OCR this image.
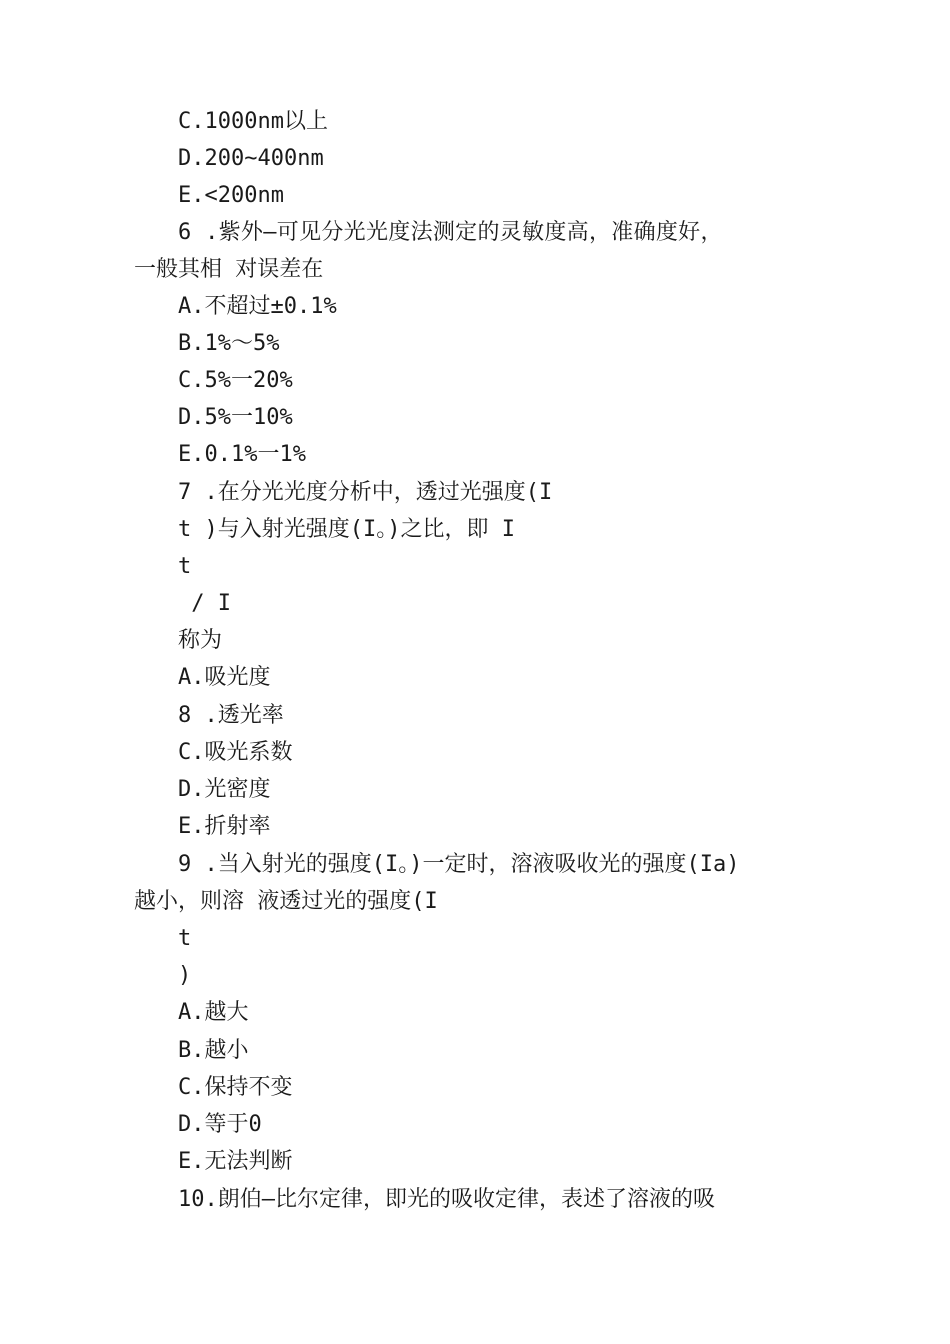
C.1000nm以上

D.200~400nm

E.<200nm

6 .紫外—可见分光光度法测定的灵敏度高，准确度好，

一般其相 对误差在

A.不超过±0.1%

B.1%～5%

C.5%一20%

D.5%一10%

E.0.1%一1%

7 .在分光光度分析中，透过光强度(I

t )与入射光强度(I。)之比，即 I

t

/ I

称为

A.吸光度

8 .透光率

C.吸光系数

D.光密度

E.折射率

9 .当入射光的强度(I。)一定时，溶液吸收光的强度(Ia)

越小，则溶 液透过光的强度(I

t

)

A.越大

B.越小

C.保持不变

D.等于0

E.无法判断

10.朗伯—比尔定律，即光的吸收定律，表述了溶液的吸
